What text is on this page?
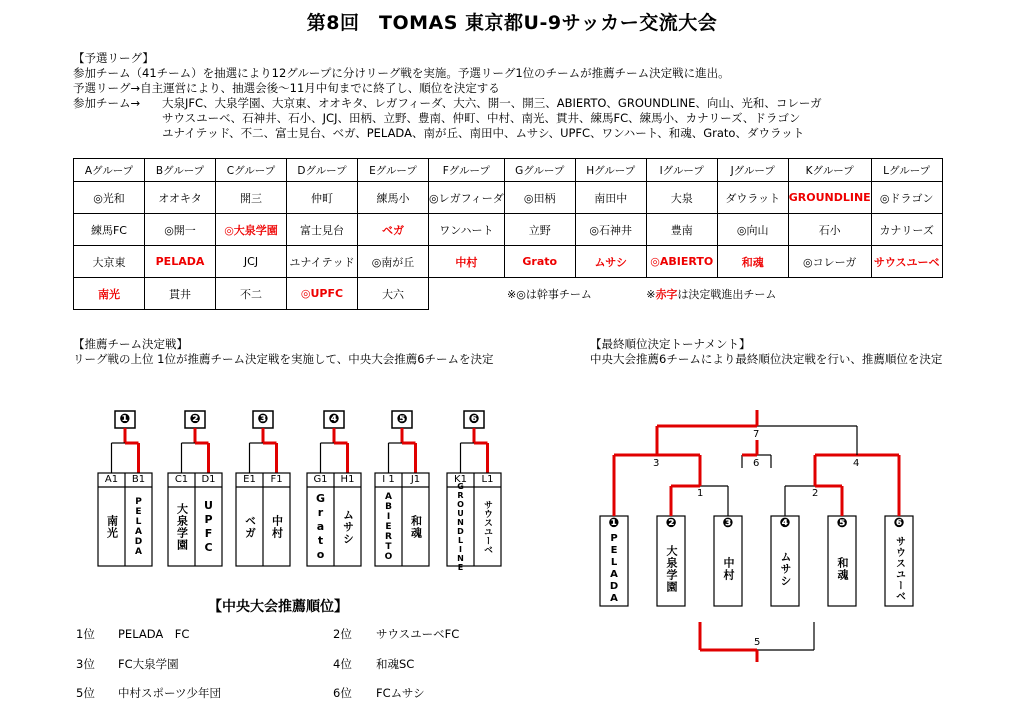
第8回　TOMAS 東京都U-9サッカー交流大会
【予選リーグ】
参加チーム（41チーム）を抽選により12グループに分けリーグ戦を実施。予選リーグ1位のチームが推薦チーム決定戦に進出。
予選リーグ→自主運営により、抽選会後～11月中旬までに終了し、順位を決定する
参加チーム→ 大泉JFC、大泉学園、大京東、オオキタ、レガフィーダ、大六、開一、開三、ABIERTO、GROUNDLINE、向山、光和、コレーガ
サウスユーベ、石神井、石小、JCJ、田柄、立野、豊南、仲町、中村、南光、貫井、練馬FC、練馬小、カナリーズ、ドラゴン
ユナイテッド、不二、富士見台、ベガ、PELADA、南が丘、南田中、ムサシ、UPFC、ワンハート、和魂、Grato、ダウラット
Aグループ	Bグループ	Cグループ	Dグループ	Eグループ	Fグループ	Gグループ	Hグループ	Iグループ	Jグループ	Kグループ	Lグループ
◎光和	オオキタ	開三	仲町	練馬小	◎レガフィーダ	◎田柄	南田中	大泉	ダウラット	GROUNDLINE	◎ドラゴン
練馬FC	◎開一	◎大泉学園	富士見台	ベガ	ワンハート	立野	◎石神井	豊南	◎向山	石小	カナリーズ
大京東	PELADA	JCJ	ユナイテッド	◎南が丘	中村	Grato	ムサシ	◎ABIERTO	和魂	◎コレーガ	サウスユーベ
南光	貫井	不二	◎UPFC	大六	※◎は幹事チーム			※赤字は決定戦進出チーム			
【推薦チーム決定戦】
リーグ戦の上位 1位が推薦チーム決定戦を実施して、中央大会推薦6チームを決定
【最終順位決定トーナメント】
中央大会推薦6チームにより最終順位決定戦を行い、推薦順位を決定
❶
A1	B1
南光	PELADA
❷
C1	D1
大泉学園	UPFC
❸
E1	F1
ベガ	中村
❹
G1	H1
Grato	ムサシ
❺
I 1	J1
ABIERTO	和魂
❻
K1	L1
GROUNDLINE	サウスユーベ	❶
PELADA
❷
大泉学園
❸
中村
❹
ムサシ
❺
和魂
❻
サウスユーベ
3
1
7
6	4
2
5
【中央大会推薦順位】
1位 PELADA　FC	2位 サウスユーベFC
3位 FC大泉学園	4位 和魂SC
5位 中村スポーツ少年団	6位 FCムサシ
